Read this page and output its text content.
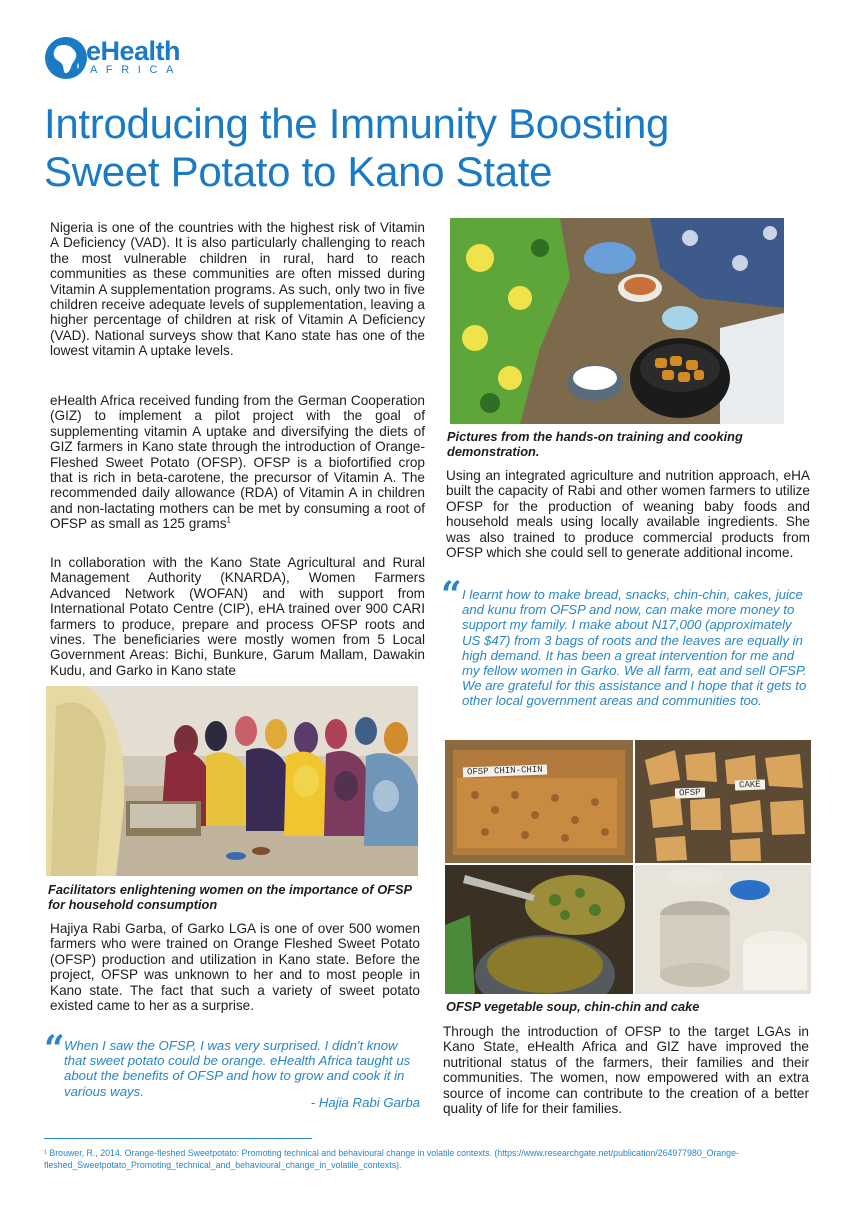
eHealth
AFRICA
Introducing the Immunity Boosting
Sweet Potato to Kano State
Nigeria is one of the countries with the highest risk of Vitamin A Deficiency (VAD). It is also particularly challenging to reach the most vulnerable children in rural, hard to reach communities as these communities are often missed during Vitamin A supplementation programs. As such, only two in five children receive adequate levels of supplementation, leaving a higher percentage of children at risk of Vitamin A Deficiency (VAD). National surveys show that Kano state has one of the lowest vitamin A uptake levels.
eHealth Africa received funding from the German Cooperation (GIZ) to implement a pilot project with the goal of supplementing vitamin A uptake and diversifying the diets of GIZ farmers in Kano state through the introduction of Orange- Fleshed Sweet Potato (OFSP). OFSP is a biofortified crop that is rich in beta-carotene, the precursor of Vitamin A. The recommended daily allowance (RDA) of Vitamin A in children and non-lactating mothers can be met by consuming a root of OFSP as small as 125 grams$^1$
In collaboration with the Kano State Agricultural and Rural Management Authority (KNARDA), Women Farmers Advanced Network (WOFAN) and with support from International Potato Centre (CIP), eHA trained over 900 CARI farmers to produce, prepare and process OFSP roots and vines. The beneficiaries were mostly women from 5 Local Government Areas: Bichi, Bunkure, Garum Mallam, Dawakin Kudu, and Garko in Kano state
Facilitators enlightening women on the importance of OFSP for household consumption
Hajiya Rabi Garba, of Garko LGA is one of over 500 women farmers who were trained on Orange Fleshed Sweet Potato (OFSP) production and utilization in Kano state. Before the project, OFSP was unknown to her and to most people in Kano state. The fact that such a variety of sweet potato existed came to her as a surprise.
“ When I saw the OFSP, I was very surprised. I didn't know that sweet potato could be orange. eHealth Africa taught us about the benefits of OFSP and how to grow and cook it in various ways.
- Hajia Rabi Garba
Pictures from the hands-on training and cooking demonstration.
Using an integrated agriculture and nutrition approach, eHA built the capacity of Rabi and other women farmers to utilize OFSP for the production of weaning baby foods and household meals using locally available ingredients. She was also trained to produce commercial products from OFSP which she could sell to generate additional income.
“ I learnt how to make bread, snacks, chin-chin, cakes, juice and kunu from OFSP and now, can make more money to support my family. I make about N17,000 (approximately US $47) from 3 bags of roots and the leaves are equally in high demand. It has been a great intervention for me and my fellow women in Garko. We all farm, eat and sell OFSP. We are grateful for this assistance and I hope that it gets to other local government areas and communities too.
OFSP CHIN-CHIN
OFSP
CAKE
OFSP vegetable soup, chin-chin and cake
Through the introduction of OFSP to the target LGAs in Kano State, eHealth Africa and GIZ have improved the nutritional status of the farmers, their families and their communities. The women, now empowered with an extra source of income can contribute to the creation of a better quality of life for their families.
¹ Brouwer, R., 2014. Orange-fleshed Sweetpotato: Promoting technical and behavioural change in volatile contexts. (https://www.researchgate.net/publication/264977980_Orange-fleshed_Sweetpotato_Promoting_technical_and_behavioural_change_in_volatile_contexts).
